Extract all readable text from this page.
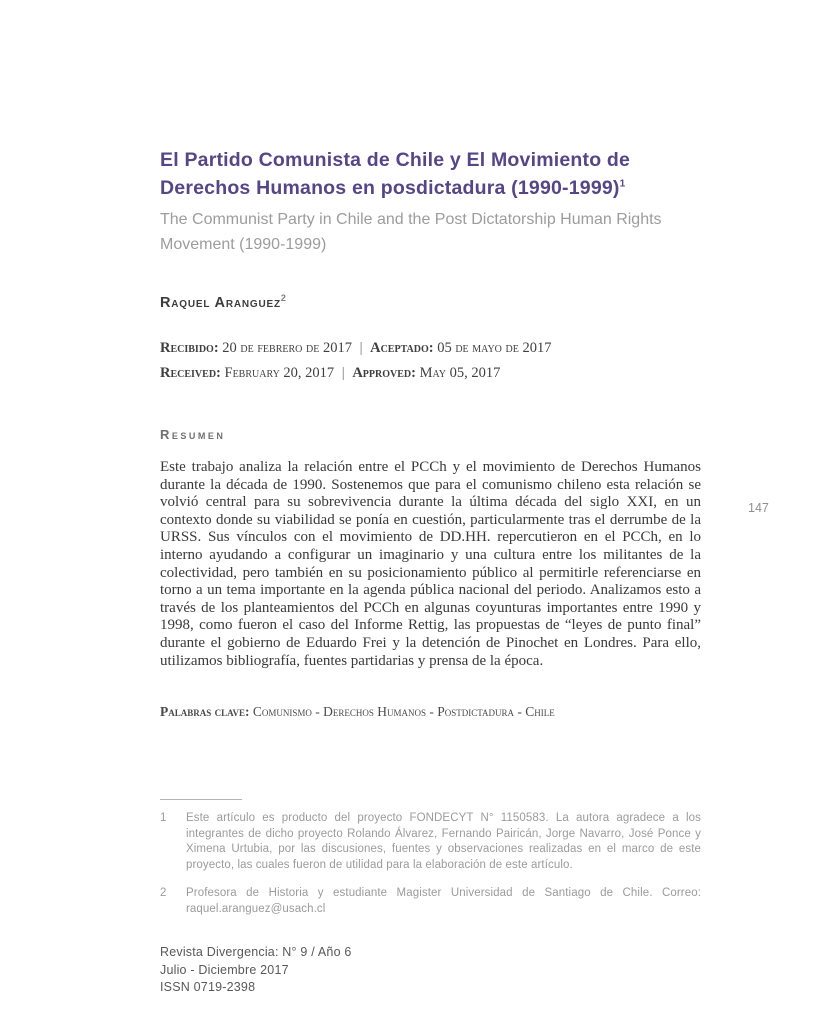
El Partido Comunista de Chile y El Movimiento de Derechos Humanos en posdictadura (1990-1999)$^1$
The Communist Party in Chile and the Post Dictatorship Human Rights Movement (1990-1999)
Raquel Aranguez$^2$
Recibido: 20 de febrero de 2017 | Aceptado: 05 de mayo de 2017
Received: February 20, 2017 | Approved: May 05, 2017
Resumen

Este trabajo analiza la relación entre el PCCh y el movimiento de Derechos Humanos durante la década de 1990. Sostenemos que para el comunismo chileno esta relación se volvió central para su sobrevivencia durante la última década del siglo XXI, en un contexto donde su viabilidad se ponía en cuestión, particularmente tras el derrumbe de la URSS. Sus vínculos con el movimiento de DD.HH. repercutieron en el PCCh, en lo interno ayudando a configurar un imaginario y una cultura entre los militantes de la colectividad, pero también en su posicionamiento público al permitirle referenciarse en torno a un tema importante en la agenda pública nacional del periodo. Analizamos esto a través de los planteamientos del PCCh en algunas coyunturas importantes entre 1990 y 1998, como fueron el caso del Informe Rettig, las propuestas de “leyes de punto final” durante el gobierno de Eduardo Frei y la detención de Pinochet en Londres. Para ello, utilizamos bibliografía, fuentes partidarias y prensa de la época.

Palabras clave: Comunismo - Derechos Humanos - Postdictadura - Chile
1	Este artículo es producto del proyecto FONDECYT N° 1150583. La autora agradece a los integrantes de dicho proyecto Rolando Álvarez, Fernando Pairicán, Jorge Navarro, José Ponce y Ximena Urtubia, por las discusiones, fuentes y observaciones realizadas en el marco de este proyecto, las cuales fueron de utilidad para la elaboración de este artículo.
2	Profesora de Historia y estudiante Magister Universidad de Santiago de Chile. Correo: raquel.aranguez@usach.cl
Revista Divergencia: N° 9 / Año 6
Julio - Diciembre 2017
ISSN 0719-2398
147
